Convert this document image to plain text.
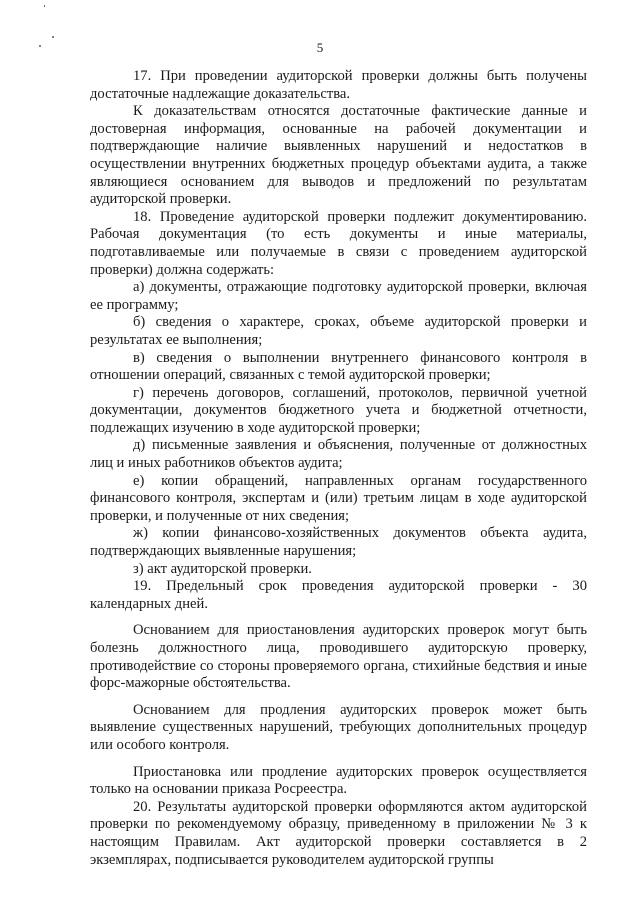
5

17. При проведении аудиторской проверки должны быть получены достаточные надлежащие доказательства.

К доказательствам относятся достаточные фактические данные и достоверная информация, основанные на рабочей документации и подтверждающие наличие выявленных нарушений и недостатков в осуществлении внутренних бюджетных процедур объектами аудита, а также являющиеся основанием для выводов и предложений по результатам аудиторской проверки.

18. Проведение аудиторской проверки подлежит документированию. Рабочая документация (то есть документы и иные материалы, подготавливаемые или получаемые в связи с проведением аудиторской проверки) должна содержать:

а) документы, отражающие подготовку аудиторской проверки, включая ее программу;

б) сведения о характере, сроках, объеме аудиторской проверки и результатах ее выполнения;

в) сведения о выполнении внутреннего финансового контроля в отношении операций, связанных с темой аудиторской проверки;

г) перечень договоров, соглашений, протоколов, первичной учетной документации, документов бюджетного учета и бюджетной отчетности, подлежащих изучению в ходе аудиторской проверки;

д) письменные заявления и объяснения, полученные от должностных лиц и иных работников объектов аудита;

е) копии обращений, направленных органам государственного финансового контроля, экспертам и (или) третьим лицам в ходе аудиторской проверки, и полученные от них сведения;

ж) копии финансово-хозяйственных документов объекта аудита, подтверждающих выявленные нарушения;

з) акт аудиторской проверки.

19. Предельный срок проведения аудиторской проверки - 30 календарных дней.

Основанием для приостановления аудиторских проверок могут быть болезнь должностного лица, проводившего аудиторскую проверку, противодействие со стороны проверяемого органа, стихийные бедствия и иные форс-мажорные обстоятельства.

Основанием для продления аудиторских проверок может быть выявление существенных нарушений, требующих дополнительных процедур или особого контроля.

Приостановка или продление аудиторских проверок осуществляется только на основании приказа Росреестра.

20. Результаты аудиторской проверки оформляются актом аудиторской проверки по рекомендуемому образцу, приведенному в приложении № 3 к настоящим Правилам. Акт аудиторской проверки составляется в 2 экземплярах, подписывается руководителем аудиторской группы
